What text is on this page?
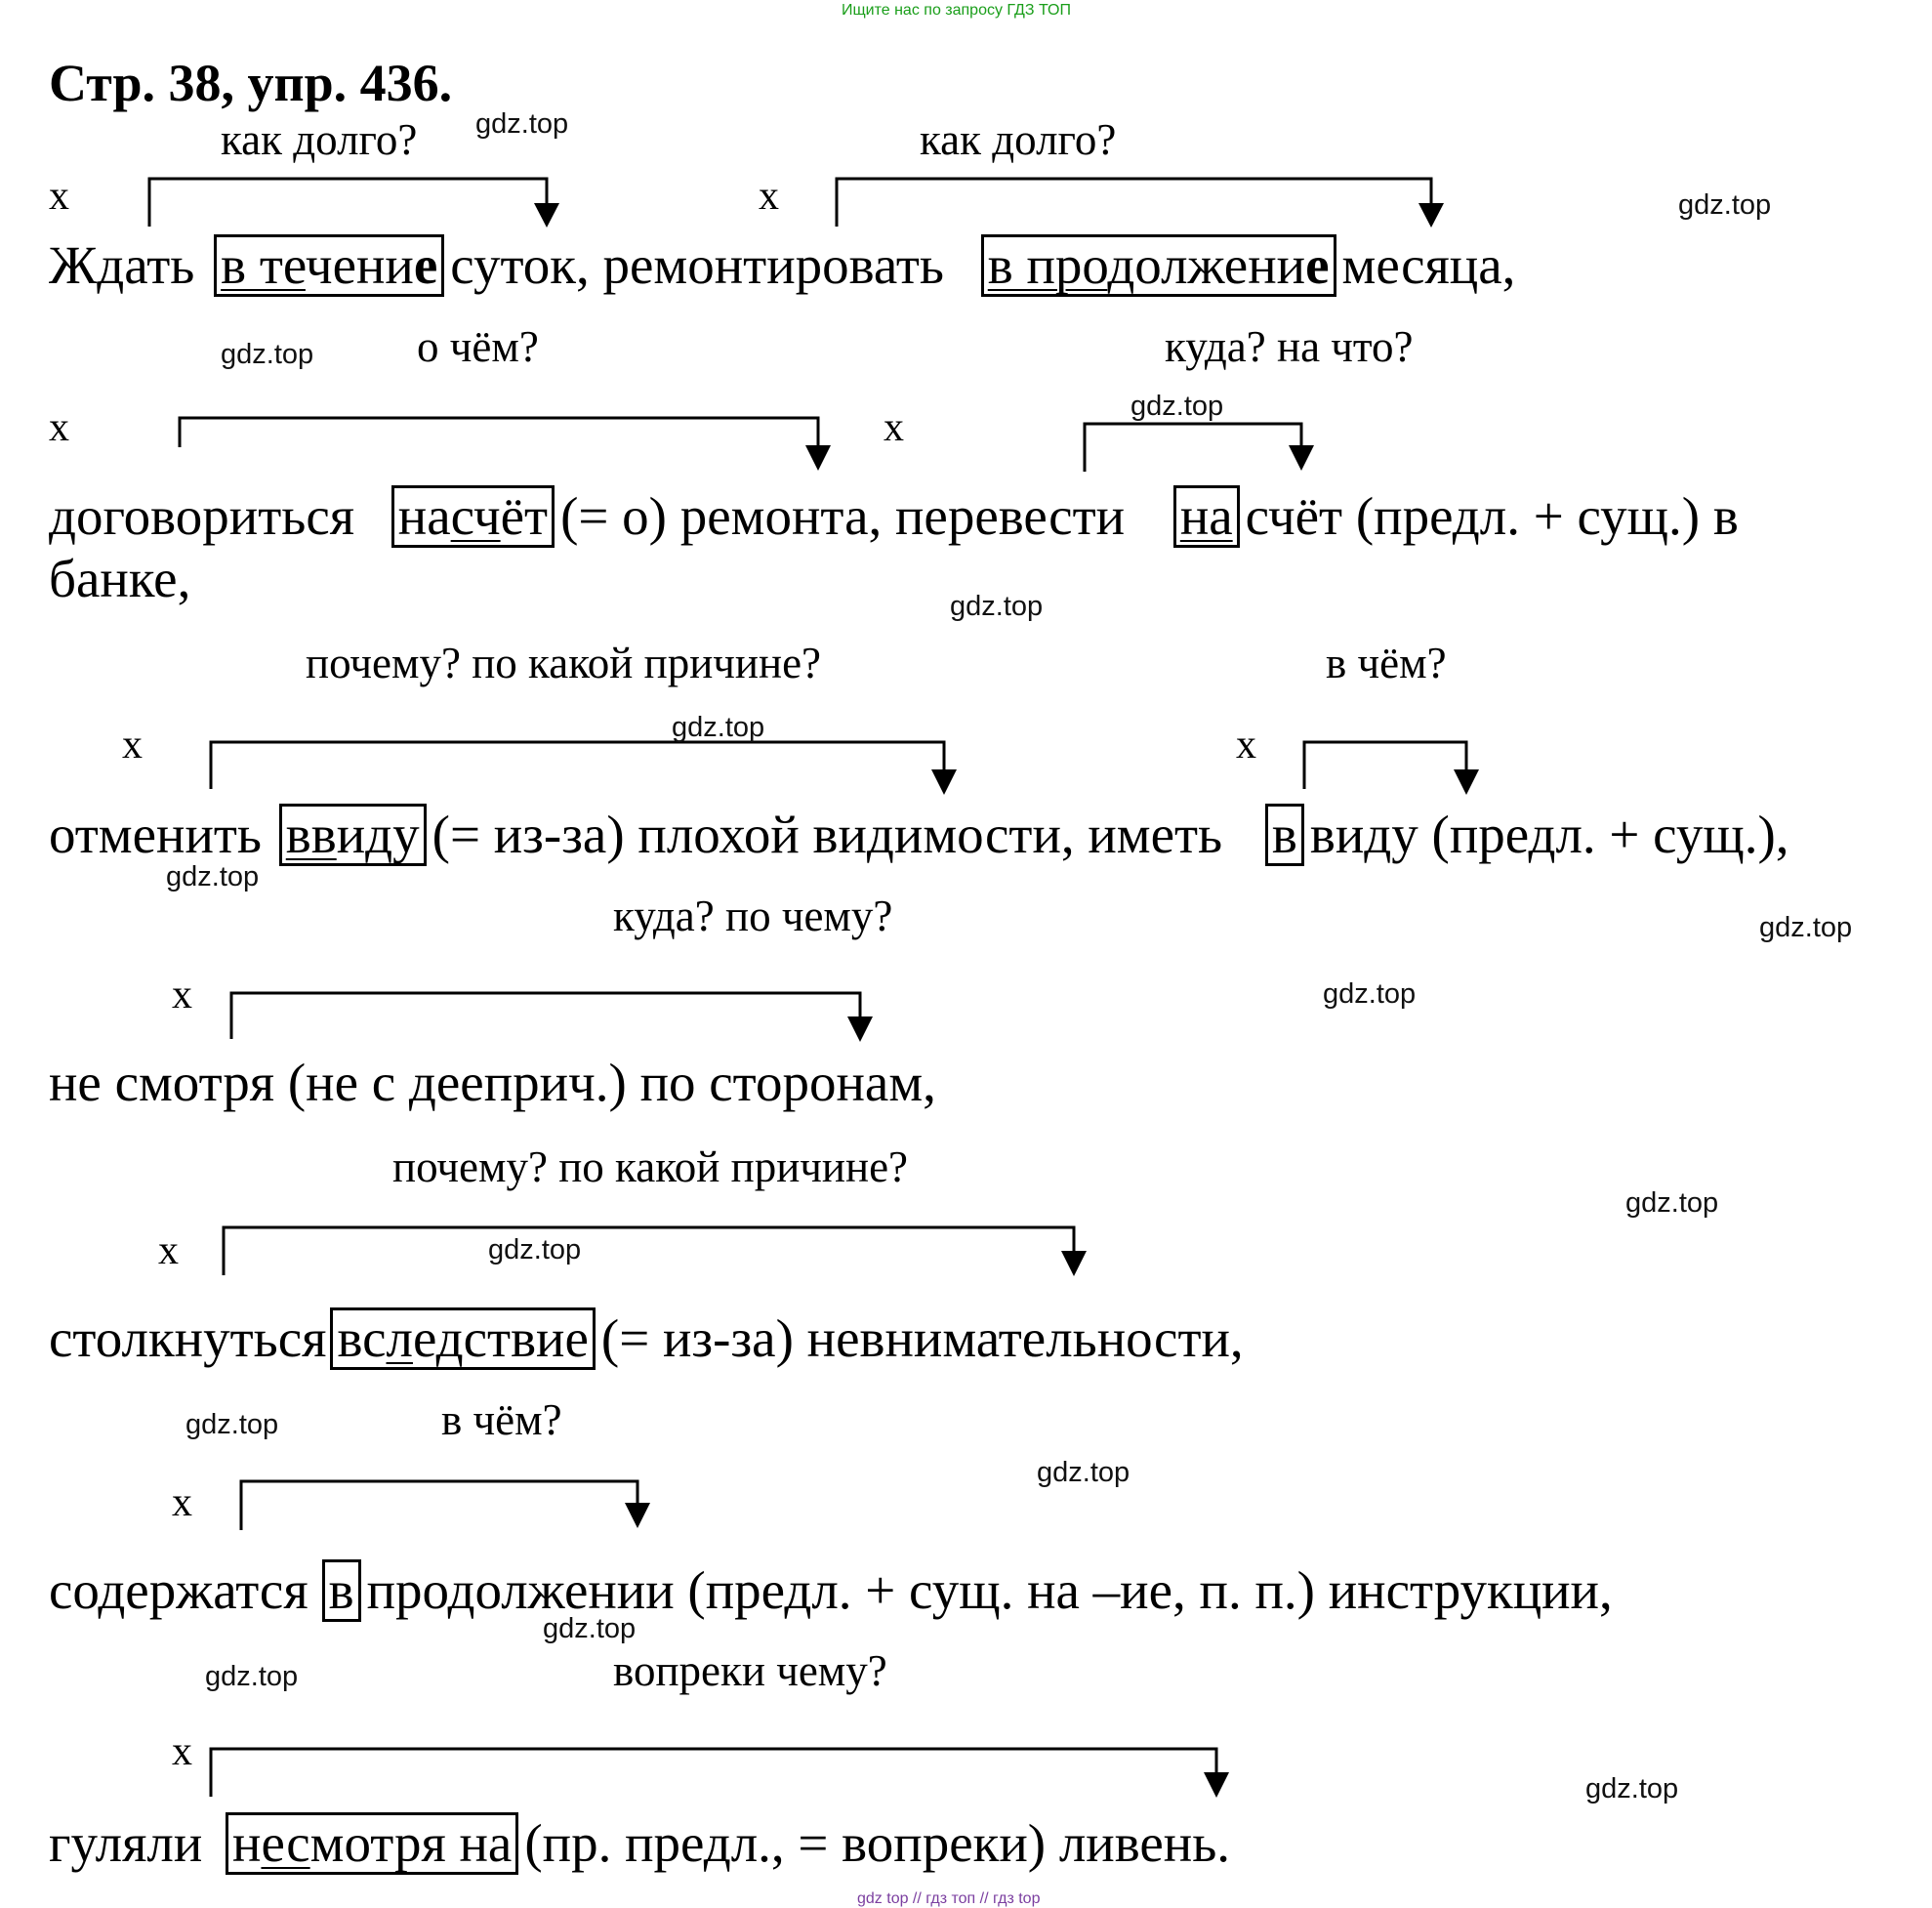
Ищите нас по запросу ГДЗ ТОП
Стр. 38, упр. 436.
x	x
x	x
x	x
x
x
x
x
как долго?	как долго?
о чём?	куда? на что?
почему? по какой причине?	в чём?
куда? по чему?
почему? по какой причине?
в чём?
вопреки чему?
Ждать в течение суток, ремонтировать в продолжение месяца,
договориться насчёт (= о) ремонта, перевести на счёт (предл. + сущ.) в
банке,
отменить ввиду (= из-за) плохой видимости, иметь в виду (предл. + сущ.),
не смотря (не с дееприч.) по сторонам,
столкнуться вследствие (= из-за) невнимательности,
содержатся в продолжении (предл. + сущ. на –ие, п. п.) инструкции,
гуляли несмотря на (пр. предл., = вопреки) ливень.
gdz.top
gdz.top
gdz.top
gdz.top
gdz.top
gdz.top
gdz.top
gdz.top
gdz.top
gdz.top
gdz.top
gdz.top
gdz.top
gdz.top
gdz.top
gdz.top
gdz top // гдз топ // гдз top
